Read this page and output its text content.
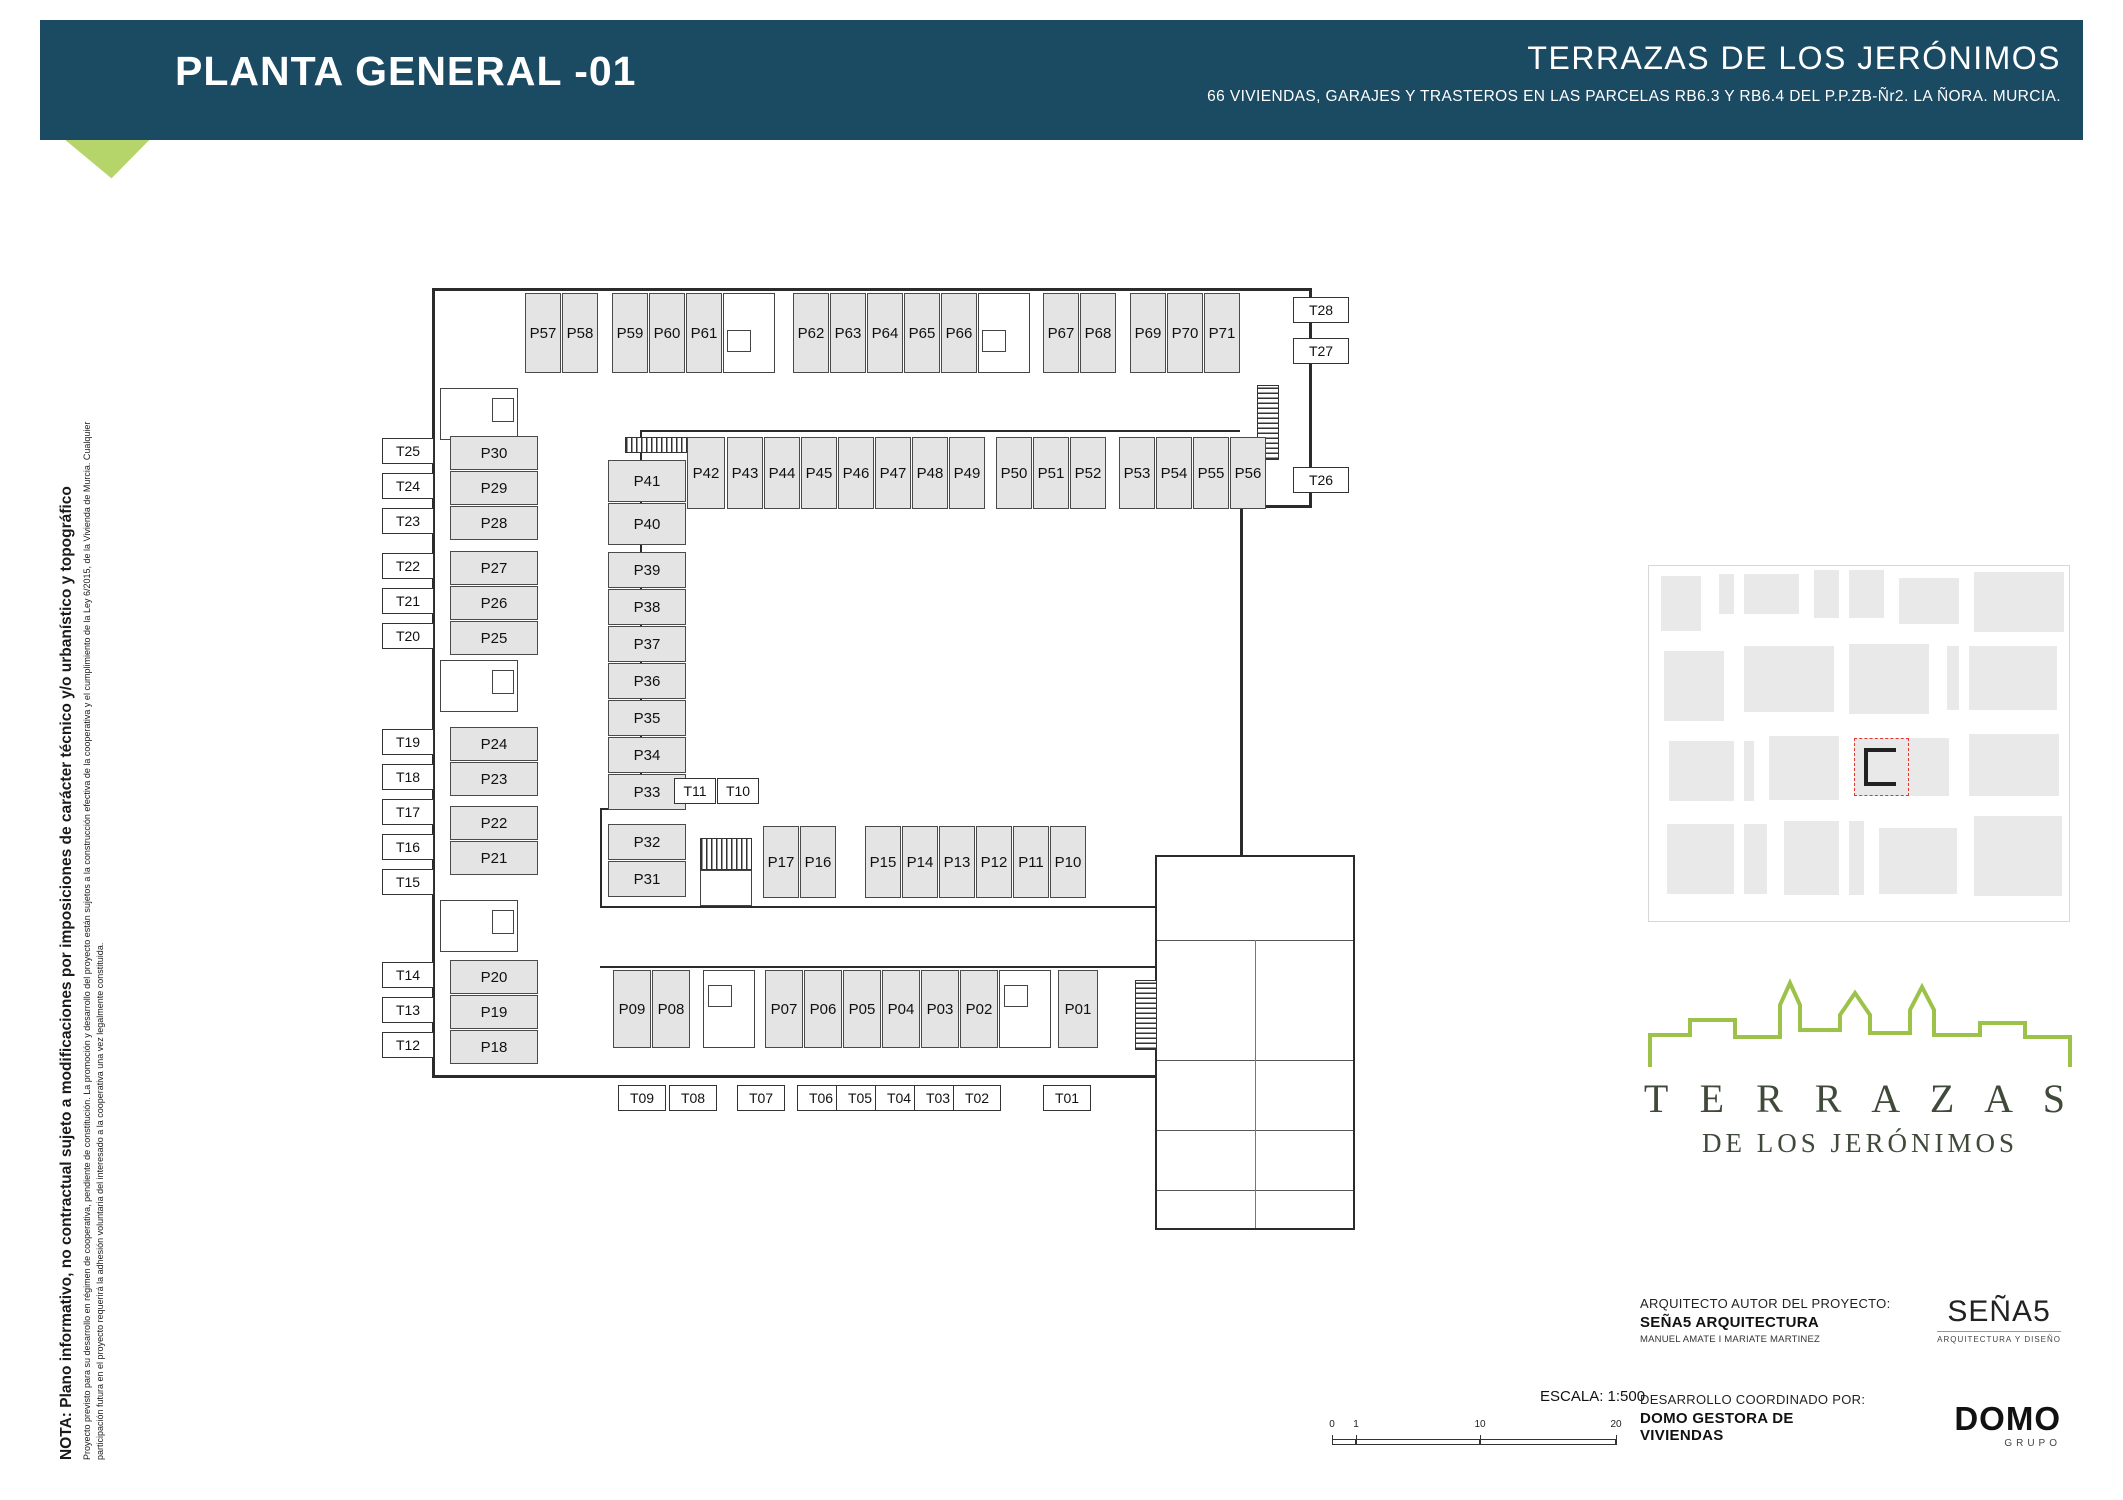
PLANTA GENERAL -01	TERRAZAS DE LOS JERÓNIMOS
66 VIVIENDAS, GARAJES Y TRASTEROS EN LAS PARCELAS RB6.3 Y RB6.4 DEL P.P.ZB-Ñr2. LA ÑORA. MURCIA.
NOTA: Plano informativo, no contractual sujeto a modificaciones por imposiciones de carácter técnico y/o urbanístico y topográfico Proyecto previsto para su desarrollo en régimen de cooperativa, pendiente de constitución. La promoción y desarrollo del proyecto están sujetos a la construcción efectiva de la cooperativa y el cumplimiento de la Ley 6/2015, de la Vivienda de Murcia. Cualquier participación futura en el proyecto requerirá la adhesión voluntaria del interesado a la cooperativa una vez legalmente constituida.
P57 P58	P59 P60 P61	P62 P63 P64 P65 P66	P67 P68	P69 P70 P71
T28
T27
T26
P41	P42 P43 P44 P45 P46 P47 P48 P49	P50 P51 P52	P53 P54 P55 P56
P30
P29
P28
P27
P26
P25
P24
P23
P22
P21
P20
P19
P18
T25
T24
T23
T22
T21
T20
T19
T18
T17
T16
T15
T14
T13
T12
P40
P39
P38
P37
P36
P35
P34
P33
P32
P31
T11	T10
P17 P16	P15 P14 P13 P12 P11 P10
P09 P08	P07 P06 P05 P04 P03 P02	P01
T09	T08	T07	T06	T05	T04	T03	T02	T01	T E R R A Z A S
DE LOS JERÓNIMOS
ARQUITECTO AUTOR DEL PROYECTO:
SEÑA5 ARQUITECTURA
MANUEL AMATE I MARIATE MARTINEZ
DESARROLLO COORDINADO POR:
DOMO GESTORA DE
VIVIENDAS
SEÑA5
ARQUITECTURA Y DISEÑO
DOMO
GRUPO
ESCALA: 1:500
0 1	10	20
